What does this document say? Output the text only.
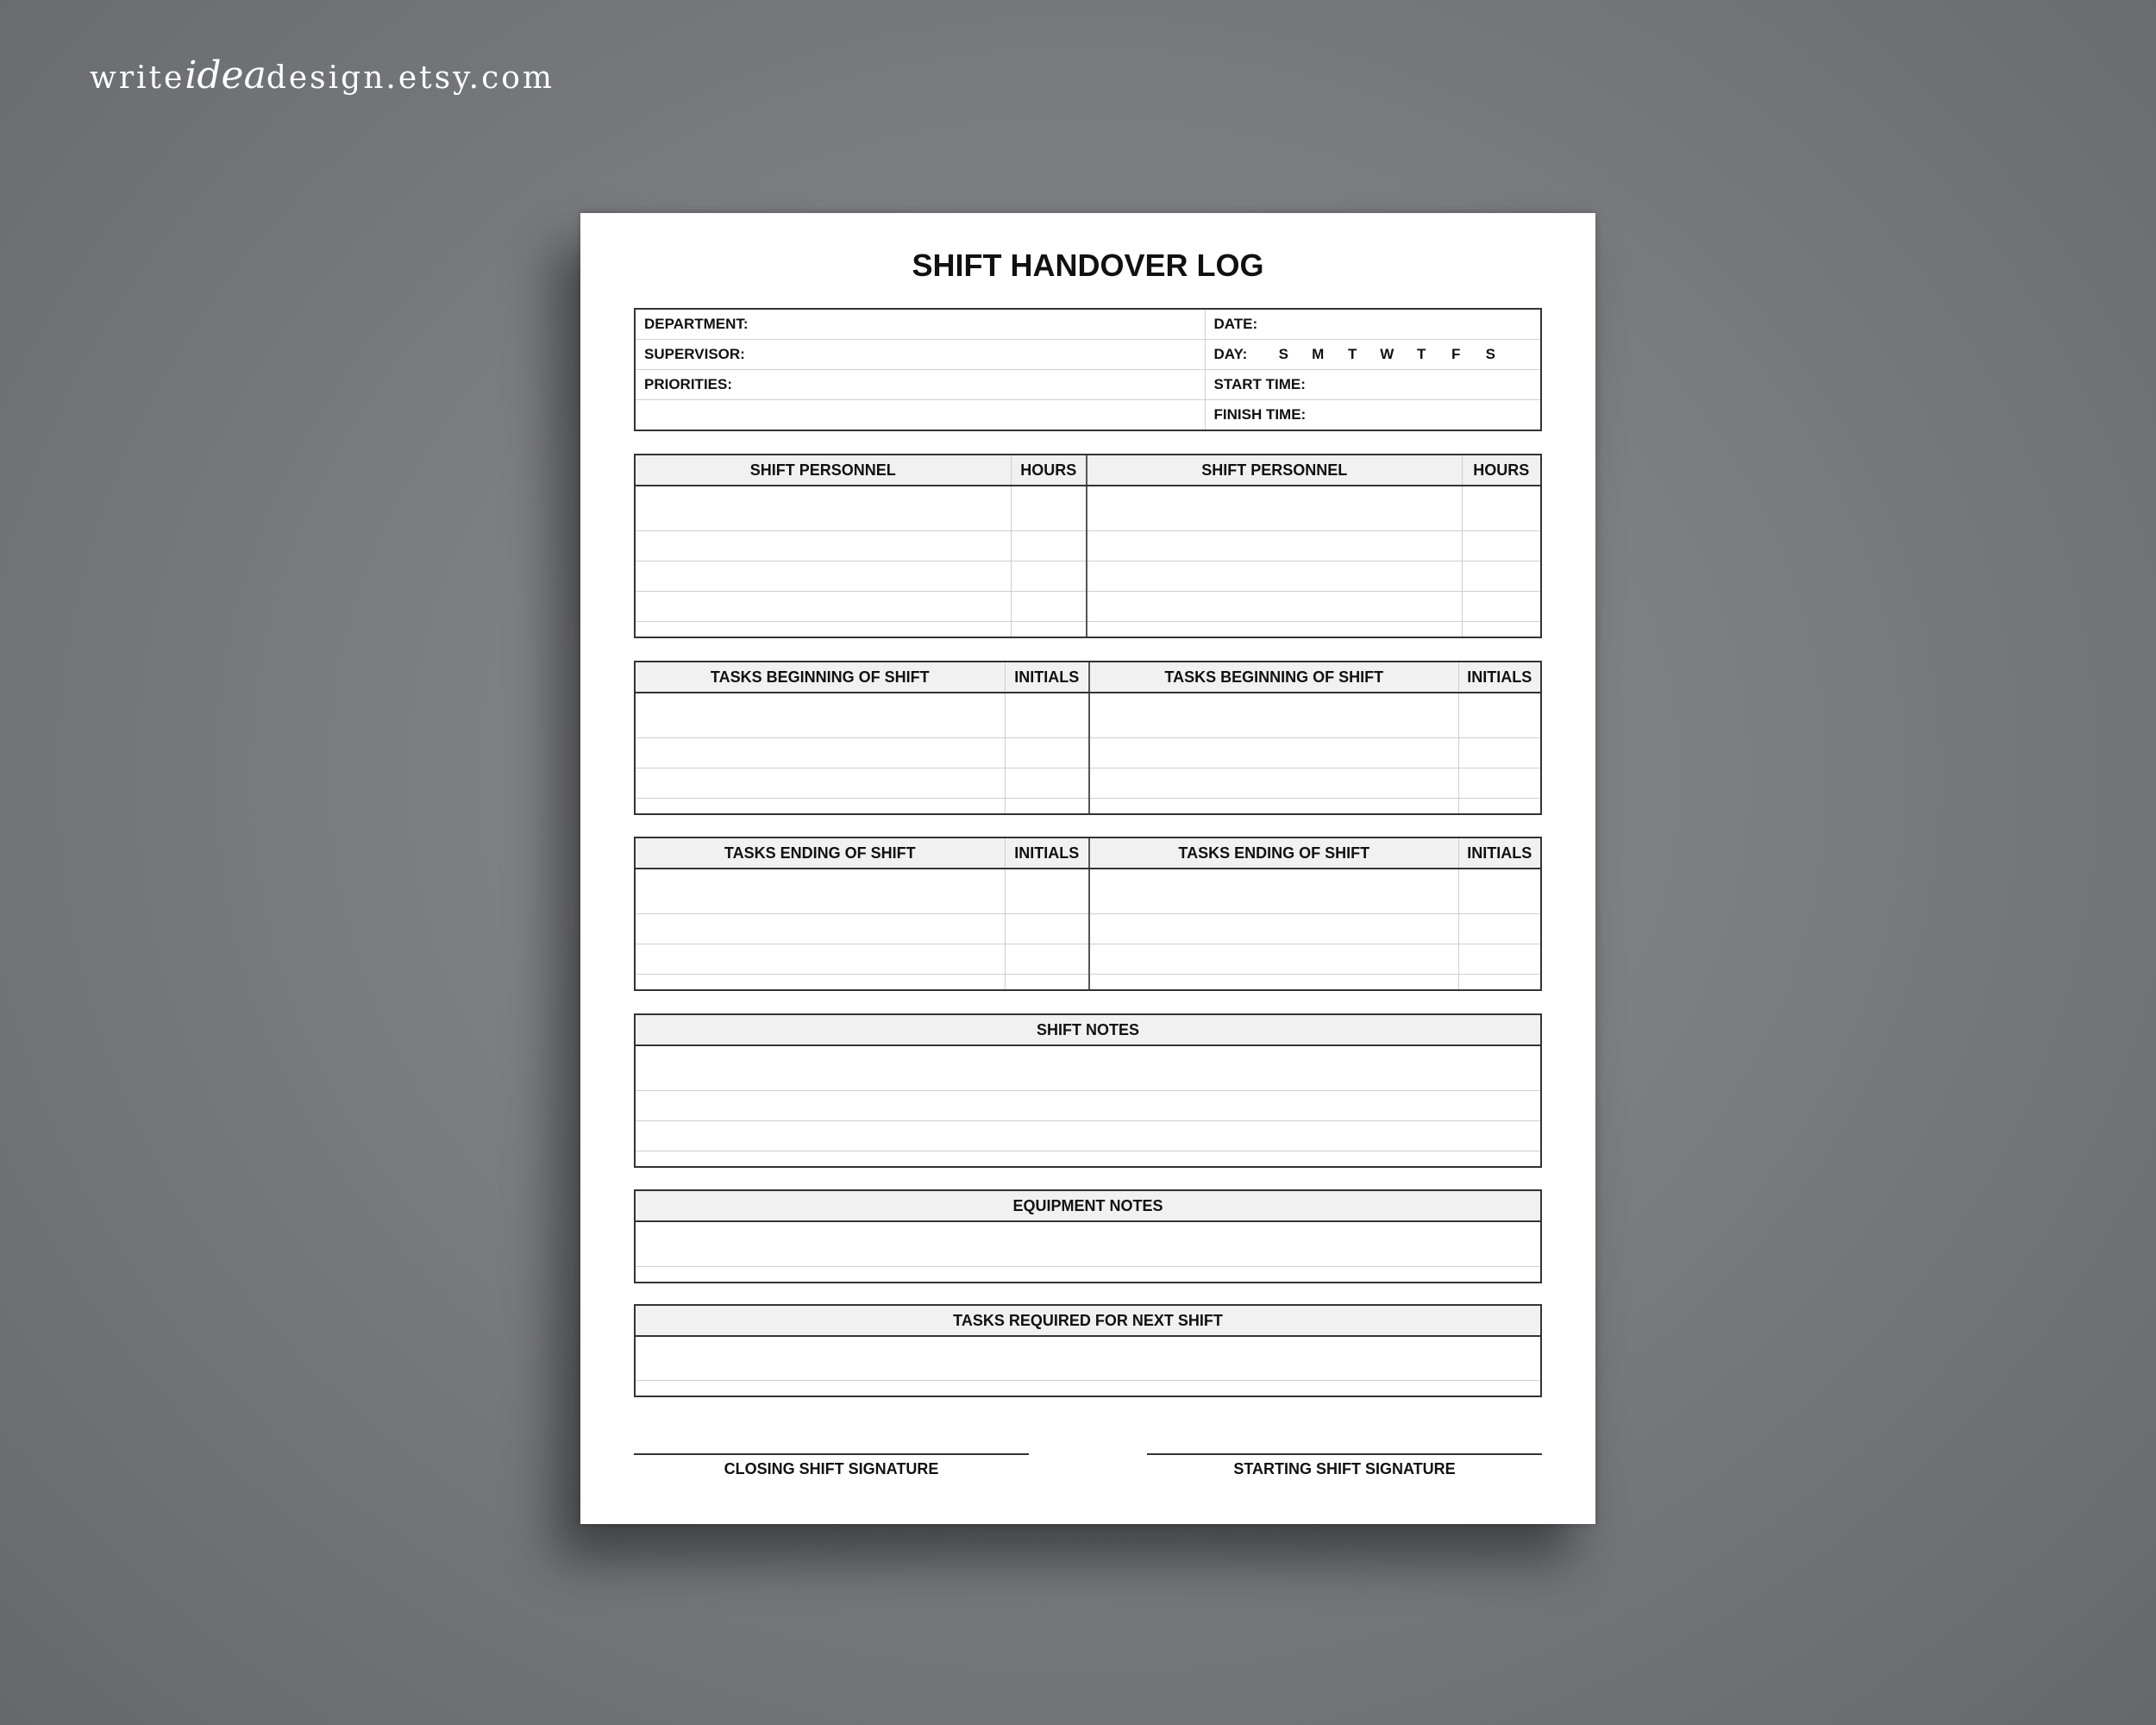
writeideadesign.etsy.com
SHIFT HANDOVER LOG
DEPARTMENT:	DATE:
SUPERVISOR:	DAY: S M T W T F S
PRIORITIES:	START TIME:
	FINISH TIME:
SHIFT PERSONNEL	HOURS	SHIFT PERSONNEL	HOURS

TASKS BEGINNING OF SHIFT	INITIALS	TASKS BEGINNING OF SHIFT	INITIALS

TASKS ENDING OF SHIFT	INITIALS	TASKS ENDING OF SHIFT	INITIALS

SHIFT NOTES

EQUIPMENT NOTES

TASKS REQUIRED FOR NEXT SHIFT

CLOSING SHIFT SIGNATURE	STARTING SHIFT SIGNATURE
